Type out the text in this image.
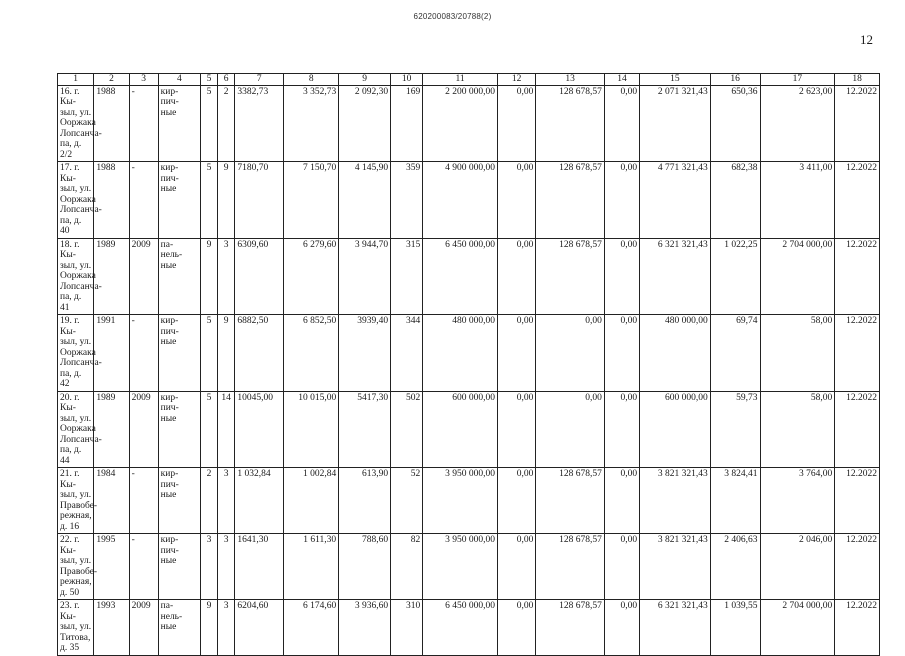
620200083/20788(2)
12
1	2	3	4	5	6	7	8	9	10	11	12	13	14	15	16	17	18
16. г. Кы-
зыл, ул.
Ооржака
Лопсанча-
па, д. 2/2	1988	-	кир-
пич-
ные	5	2	3382,73	3 352,73	2 092,30	169	2 200 000,00	0,00	128 678,57	0,00	2 071 321,43	650,36	2 623,00	12.2022
17. г. Кы-
зыл, ул.
Ооржака
Лопсанча-
па, д. 40	1988	-	кир-
пич-
ные	5	9	7180,70	7 150,70	4 145,90	359	4 900 000,00	0,00	128 678,57	0,00	4 771 321,43	682,38	3 411,00	12.2022
18. г. Кы-
зыл, ул.
Ооржака
Лопсанча-
па, д. 41	1989	2009	па-
нель-
ные	9	3	6309,60	6 279,60	3 944,70	315	6 450 000,00	0,00	128 678,57	0,00	6 321 321,43	1 022,25	2 704 000,00	12.2022
19. г. Кы-
зыл, ул.
Ооржака
Лопсанча-
па, д. 42	1991	-	кир-
пич-
ные	5	9	6882,50	6 852,50	3939,40	344	480 000,00	0,00	0,00	0,00	480 000,00	69,74	58,00	12.2022
20. г. Кы-
зыл, ул.
Ооржака
Лопсанча-
па, д. 44	1989	2009	кир-
пич-
ные	5	14	10045,00	10 015,00	5417,30	502	600 000,00	0,00	0,00	0,00	600 000,00	59,73	58,00	12.2022
21. г. Кы-
зыл, ул.
Правобе-
режная,
д. 16	1984	-	кир-
пич-
ные	2	3	1 032,84	1 002,84	613,90	52	3 950 000,00	0,00	128 678,57	0,00	3 821 321,43	3 824,41	3 764,00	12.2022
22. г. Кы-
зыл, ул.
Правобе-
режная,
д. 50	1995	-	кир-
пич-
ные	3	3	1641,30	1 611,30	788,60	82	3 950 000,00	0,00	128 678,57	0,00	3 821 321,43	2 406,63	2 046,00	12.2022
23. г. Кы-
зыл, ул.
Титова,
д. 35	1993	2009	па-
нель-
ные	9	3	6204,60	6 174,60	3 936,60	310	6 450 000,00	0,00	128 678,57	0,00	6 321 321,43	1 039,55	2 704 000,00	12.2022
